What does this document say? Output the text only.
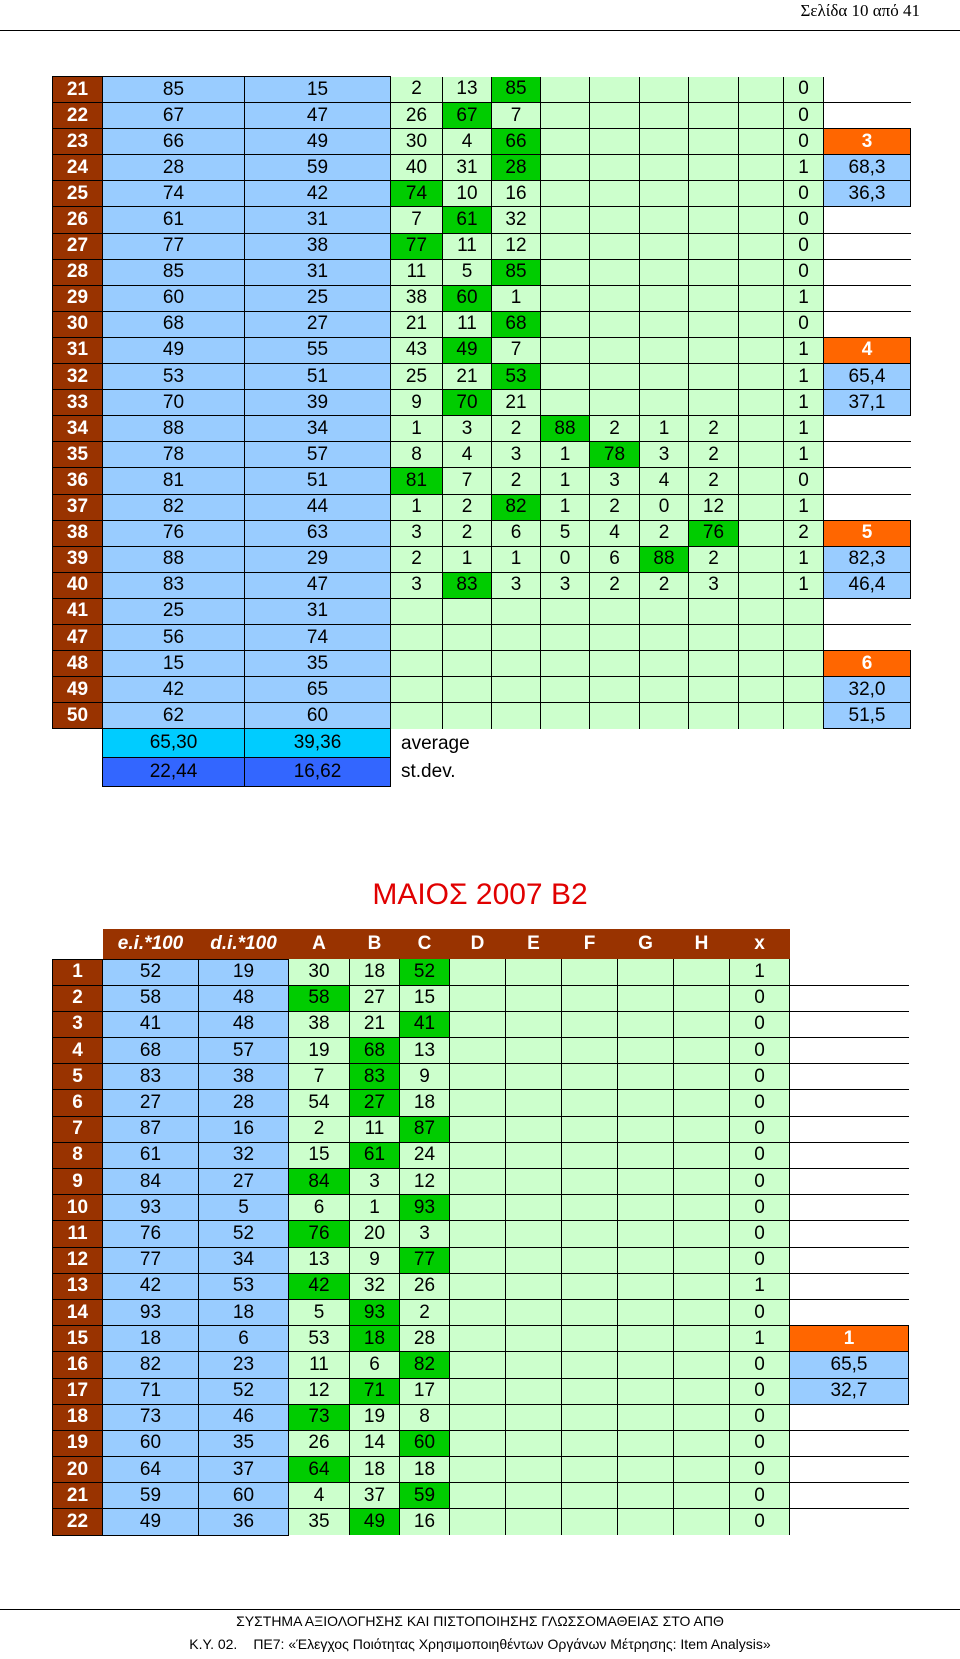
Σελίδα 10 από 41
21	85	15	2	13	85						0	
22	67	47	26	67	7						0	
23	66	49	30	4	66						0	3
24	28	59	40	31	28						1	68,3
25	74	42	74	10	16						0	36,3
26	61	31	7	61	32						0	
27	77	38	77	11	12						0	
28	85	31	11	5	85						0	
29	60	25	38	60	1						1	
30	68	27	21	11	68						0	
31	49	55	43	49	7						1	4
32	53	51	25	21	53						1	65,4
33	70	39	9	70	21						1	37,1
34	88	34	1	3	2	88	2	1	2		1	
35	78	57	8	4	3	1	78	3	2		1	
36	81	51	81	7	2	1	3	4	2		0	
37	82	44	1	2	82	1	2	0	12		1	
38	76	63	3	2	6	5	4	2	76		2	5
39	88	29	2	1	1	0	6	88	2		1	82,3
40	83	47	3	83	3	3	2	2	3		1	46,4
41	25	31										
47	56	74										
48	15	35										6
49	42	65										32,0
50	62	60										51,5
	65,30	39,36	average									
	22,44	16,62	st.dev.									
ΜΑΙΟΣ 2007 Β2
	e.i.*100	d.i.*100	A	B	C	D	E	F	G	H	x	
1	52	19	30	18	52						1	
2	58	48	58	27	15						0	
3	41	48	38	21	41						0	
4	68	57	19	68	13						0	
5	83	38	7	83	9						0	
6	27	28	54	27	18						0	
7	87	16	2	11	87						0	
8	61	32	15	61	24						0	
9	84	27	84	3	12						0	
10	93	5	6	1	93						0	
11	76	52	76	20	3						0	
12	77	34	13	9	77						0	
13	42	53	42	32	26						1	
14	93	18	5	93	2						0	
15	18	6	53	18	28						1	1
16	82	23	11	6	82						0	65,5
17	71	52	12	71	17						0	32,7
18	73	46	73	19	8						0	
19	60	35	26	14	60						0	
20	64	37	64	18	18						0	
21	59	60	4	37	59						0	
22	49	36	35	49	16						0	
ΣΥΣΤΗΜΑ ΑΞΙΟΛΟΓΗΣΗΣ ΚΑΙ ΠΙΣΤΟΠΟΙΗΣΗΣ ΓΛΩΣΣΟΜΑΘΕΙΑΣ ΣΤΟ ΑΠΘ
Κ.Υ. 02. ΠΕ7: «Έλεγχος Ποιότητας Χρησιμοποιηθέντων Οργάνων Μέτρησης: Item Analysis»
